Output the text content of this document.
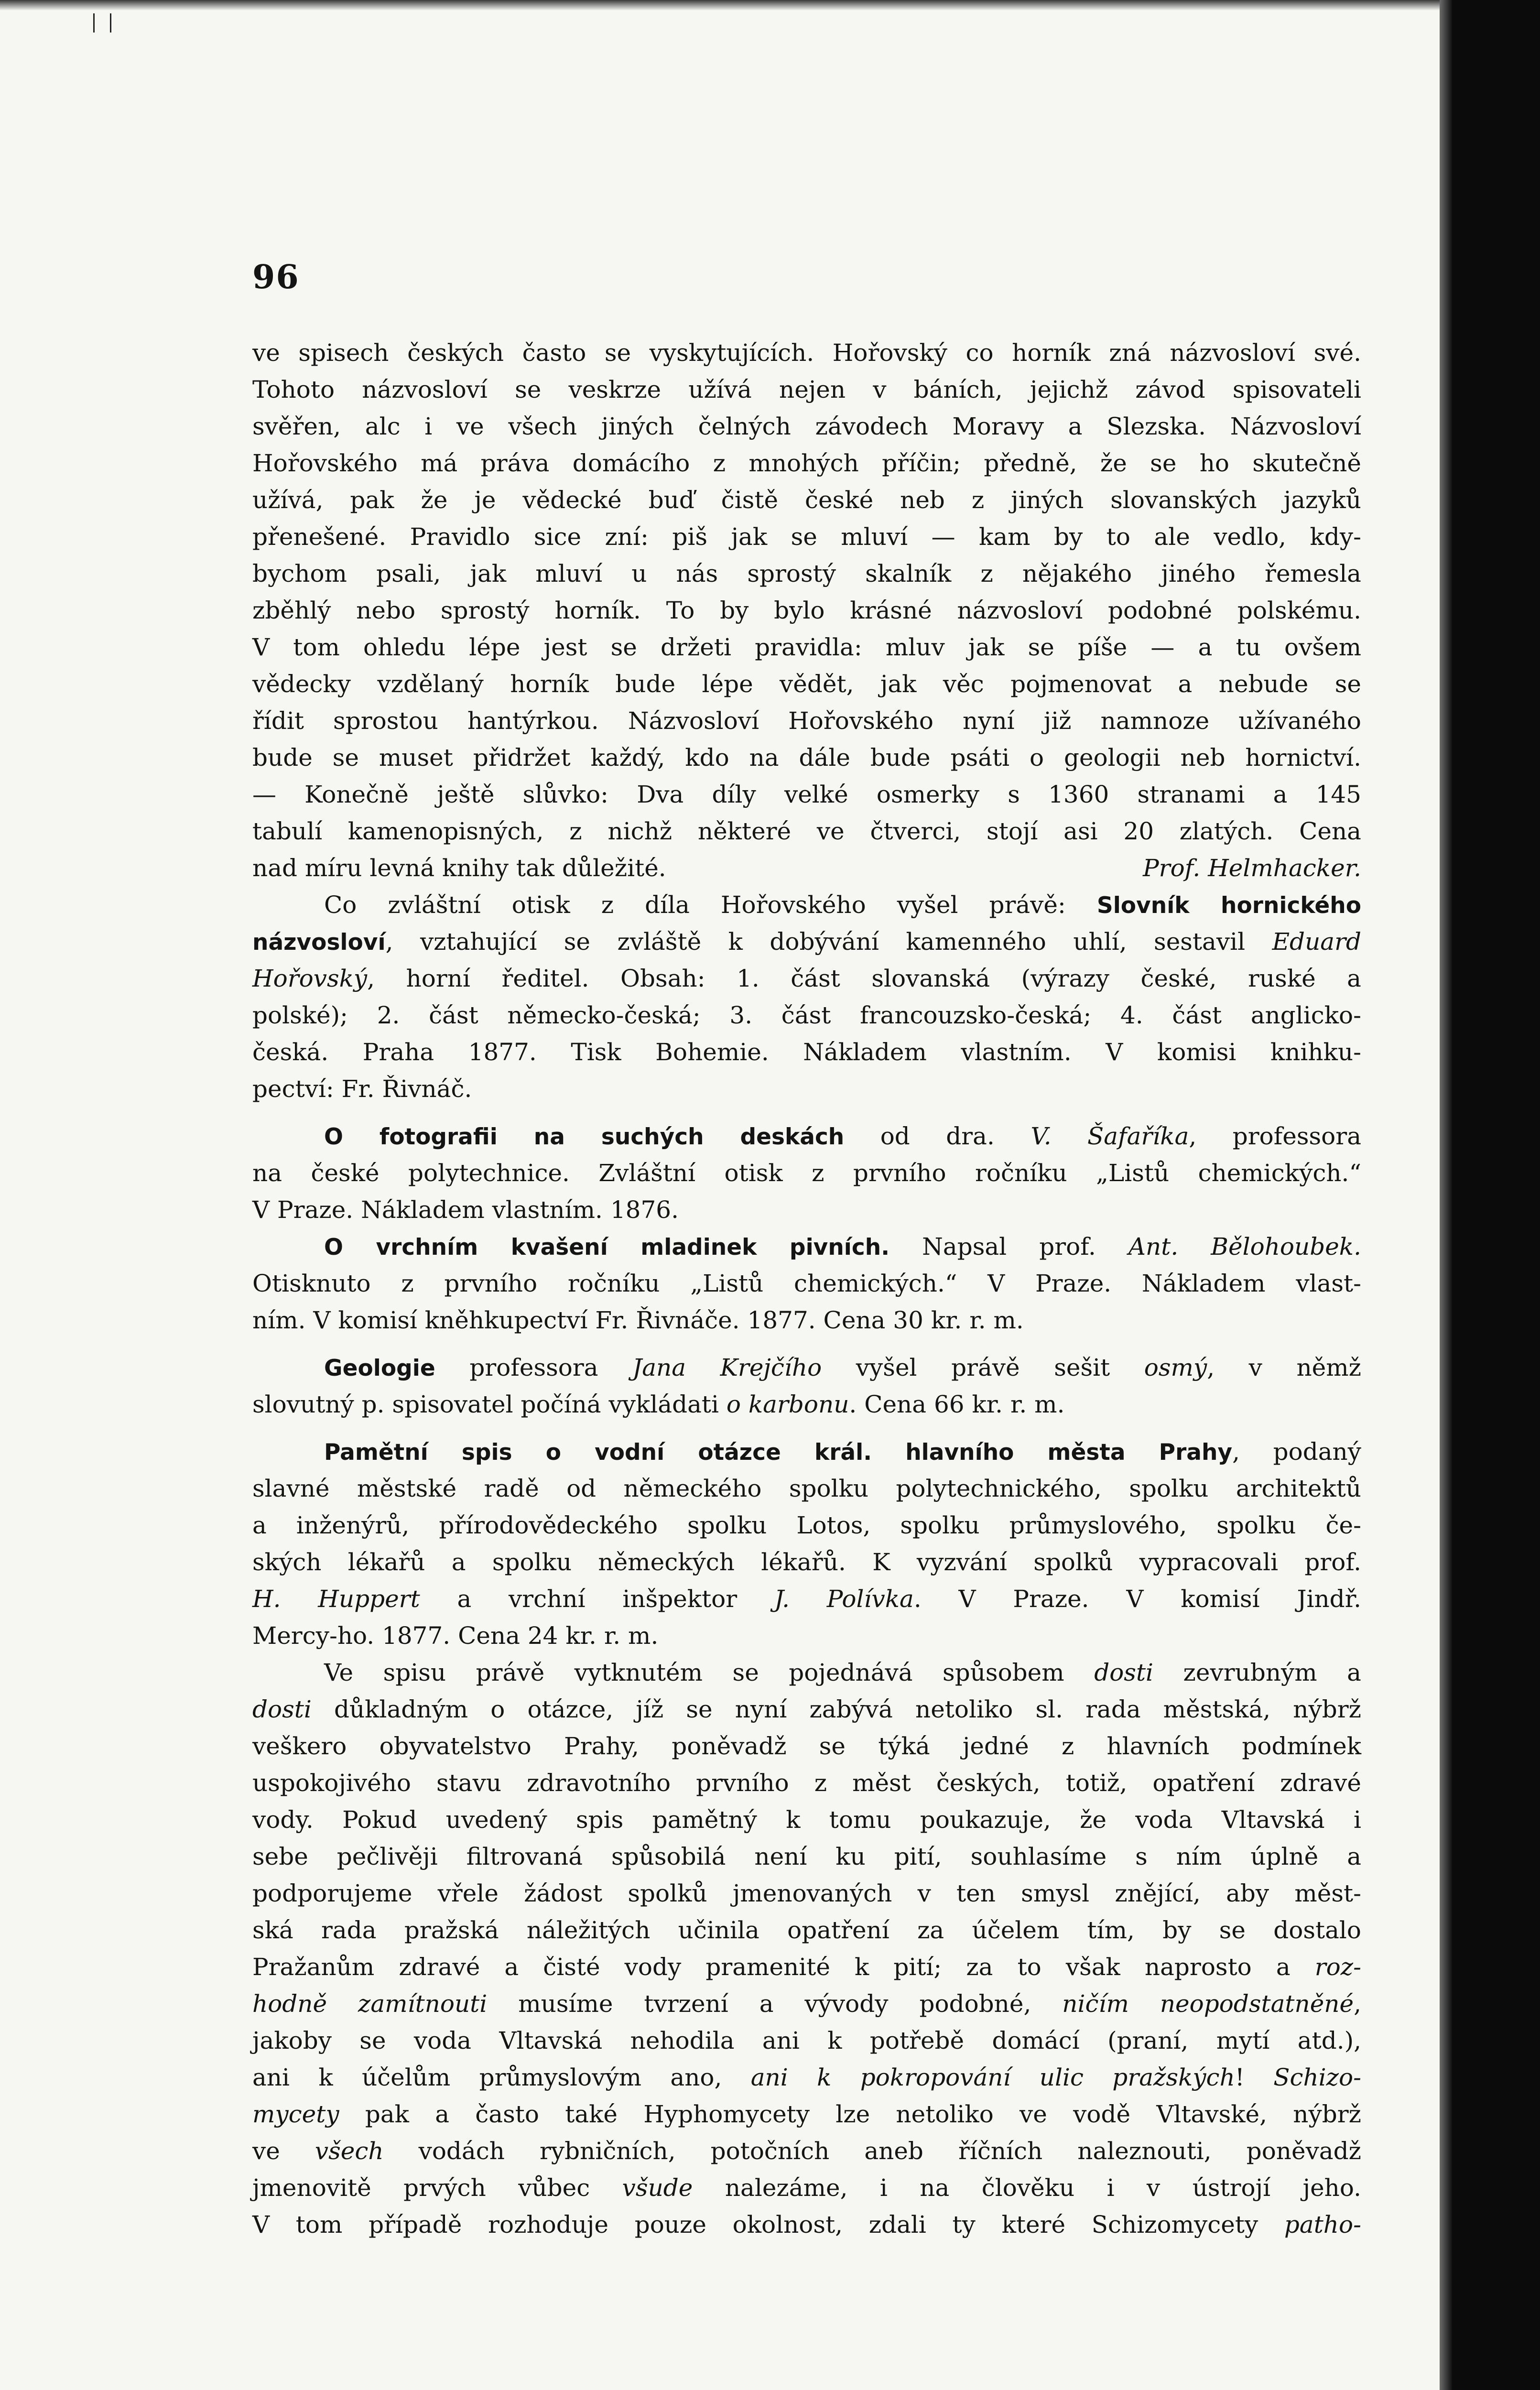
96
ve spisech českých často se vyskytujících. Hořovský co horník zná názvosloví své.
Tohoto názvosloví se veskrze užívá nejen v báních, jejichž závod spisovateli
svěřen, alc i ve všech jiných čelných závodech Moravy a Slezska. Názvosloví
Hořovského má práva domácího z mnohých příčin; předně, že se ho skutečně
užívá, pak že je vědecké buď čistě české neb z jiných slovanských jazyků
přenešené. Pravidlo sice zní: piš jak se mluví — kam by to ale vedlo, kdy-
bychom psali, jak mluví u nás sprostý skalník z nějakého jiného řemesla
zběhlý nebo sprostý horník. To by bylo krásné názvosloví podobné polskému.
V tom ohledu lépe jest se držeti pravidla: mluv jak se píše — a tu ovšem
vědecky vzdělaný horník bude lépe vědět, jak věc pojmenovat a nebude se
řídit sprostou hantýrkou. Názvosloví Hořovského nyní již namnoze užívaného
bude se muset přidržet každý, kdo na dále bude psáti o geologii neb hornictví.
— Konečně ještě slůvko: Dva díly velké osmerky s 1360 stranami a 145
tabulí kamenopisných, z nichž některé ve čtverci, stojí asi 20 zlatých. Cena
nad míru levná knihy tak důležité.	Prof. Helmhacker.
Co zvláštní otisk z díla Hořovského vyšel právě: Slovník hornického
názvosloví, vztahující se zvláště k dobývání kamenného uhlí, sestavil Eduard
Hořovský, horní ředitel. Obsah: 1. část slovanská (výrazy české, ruské a
polské); 2. část německo-česká; 3. část francouzsko-česká; 4. část anglicko-
česká. Praha 1877. Tisk Bohemie. Nákladem vlastním. V komisi knihku-
pectví: Fr. Řivnáč.
O fotografii na suchých deskách od dra. V. Šafaříka, professora
na české polytechnice. Zvláštní otisk z prvního ročníku „Listů chemických.“
V Praze. Nákladem vlastním. 1876.
O vrchním kvašení mladinek pivních. Napsal prof. Ant. Bělohoubek.
Otisknuto z prvního ročníku „Listů chemických.“ V Praze. Nákladem vlast-
ním. V komisí kněhkupectví Fr. Řivnáče. 1877. Cena 30 kr. r. m.
Geologie professora Jana Krejčího vyšel právě sešit osmý, v němž
slovutný p. spisovatel počíná vykládati o karbonu. Cena 66 kr. r. m.
Pamětní spis o vodní otázce král. hlavního města Prahy, podaný
slavné městské radě od německého spolku polytechnického, spolku architektů
a inženýrů, přírodovědeckého spolku Lotos, spolku průmyslového, spolku če-
ských lékařů a spolku německých lékařů. K vyzvání spolků vypracovali prof.
H. Huppert a vrchní inšpektor J. Polívka. V Praze. V komisí Jindř.
Mercy-ho. 1877. Cena 24 kr. r. m.
Ve spisu právě vytknutém se pojednává spůsobem dosti zevrubným a
dosti důkladným o otázce, jíž se nyní zabývá netoliko sl. rada městská, nýbrž
veškero obyvatelstvo Prahy, poněvadž se týká jedné z hlavních podmínek
uspokojivého stavu zdravotního prvního z měst českých, totiž, opatření zdravé
vody. Pokud uvedený spis pamětný k tomu poukazuje, že voda Vltavská i
sebe pečlivěji filtrovaná spůsobilá není ku pití, souhlasíme s ním úplně a
podporujeme vřele žádost spolků jmenovaných v ten smysl znějící, aby měst-
ská rada pražská náležitých učinila opatření za účelem tím, by se dostalo
Pražanům zdravé a čisté vody pramenité k pití; za to však naprosto a roz-
hodně zamítnouti musíme tvrzení a vývody podobné, ničím neopodstatněné,
jakoby se voda Vltavská nehodila ani k potřebě domácí (praní, mytí atd.),
ani k účelům průmyslovým ano, ani k pokropování ulic pražských! Schizo-
mycety pak a často také Hyphomycety lze netoliko ve vodě Vltavské, nýbrž
ve všech vodách rybničních, potočních aneb říčních naleznouti, poněvadž
jmenovitě prvých vůbec všude nalezáme, i na člověku i v ústrojí jeho.
V tom případě rozhoduje pouze okolnost, zdali ty které Schizomycety patho-
